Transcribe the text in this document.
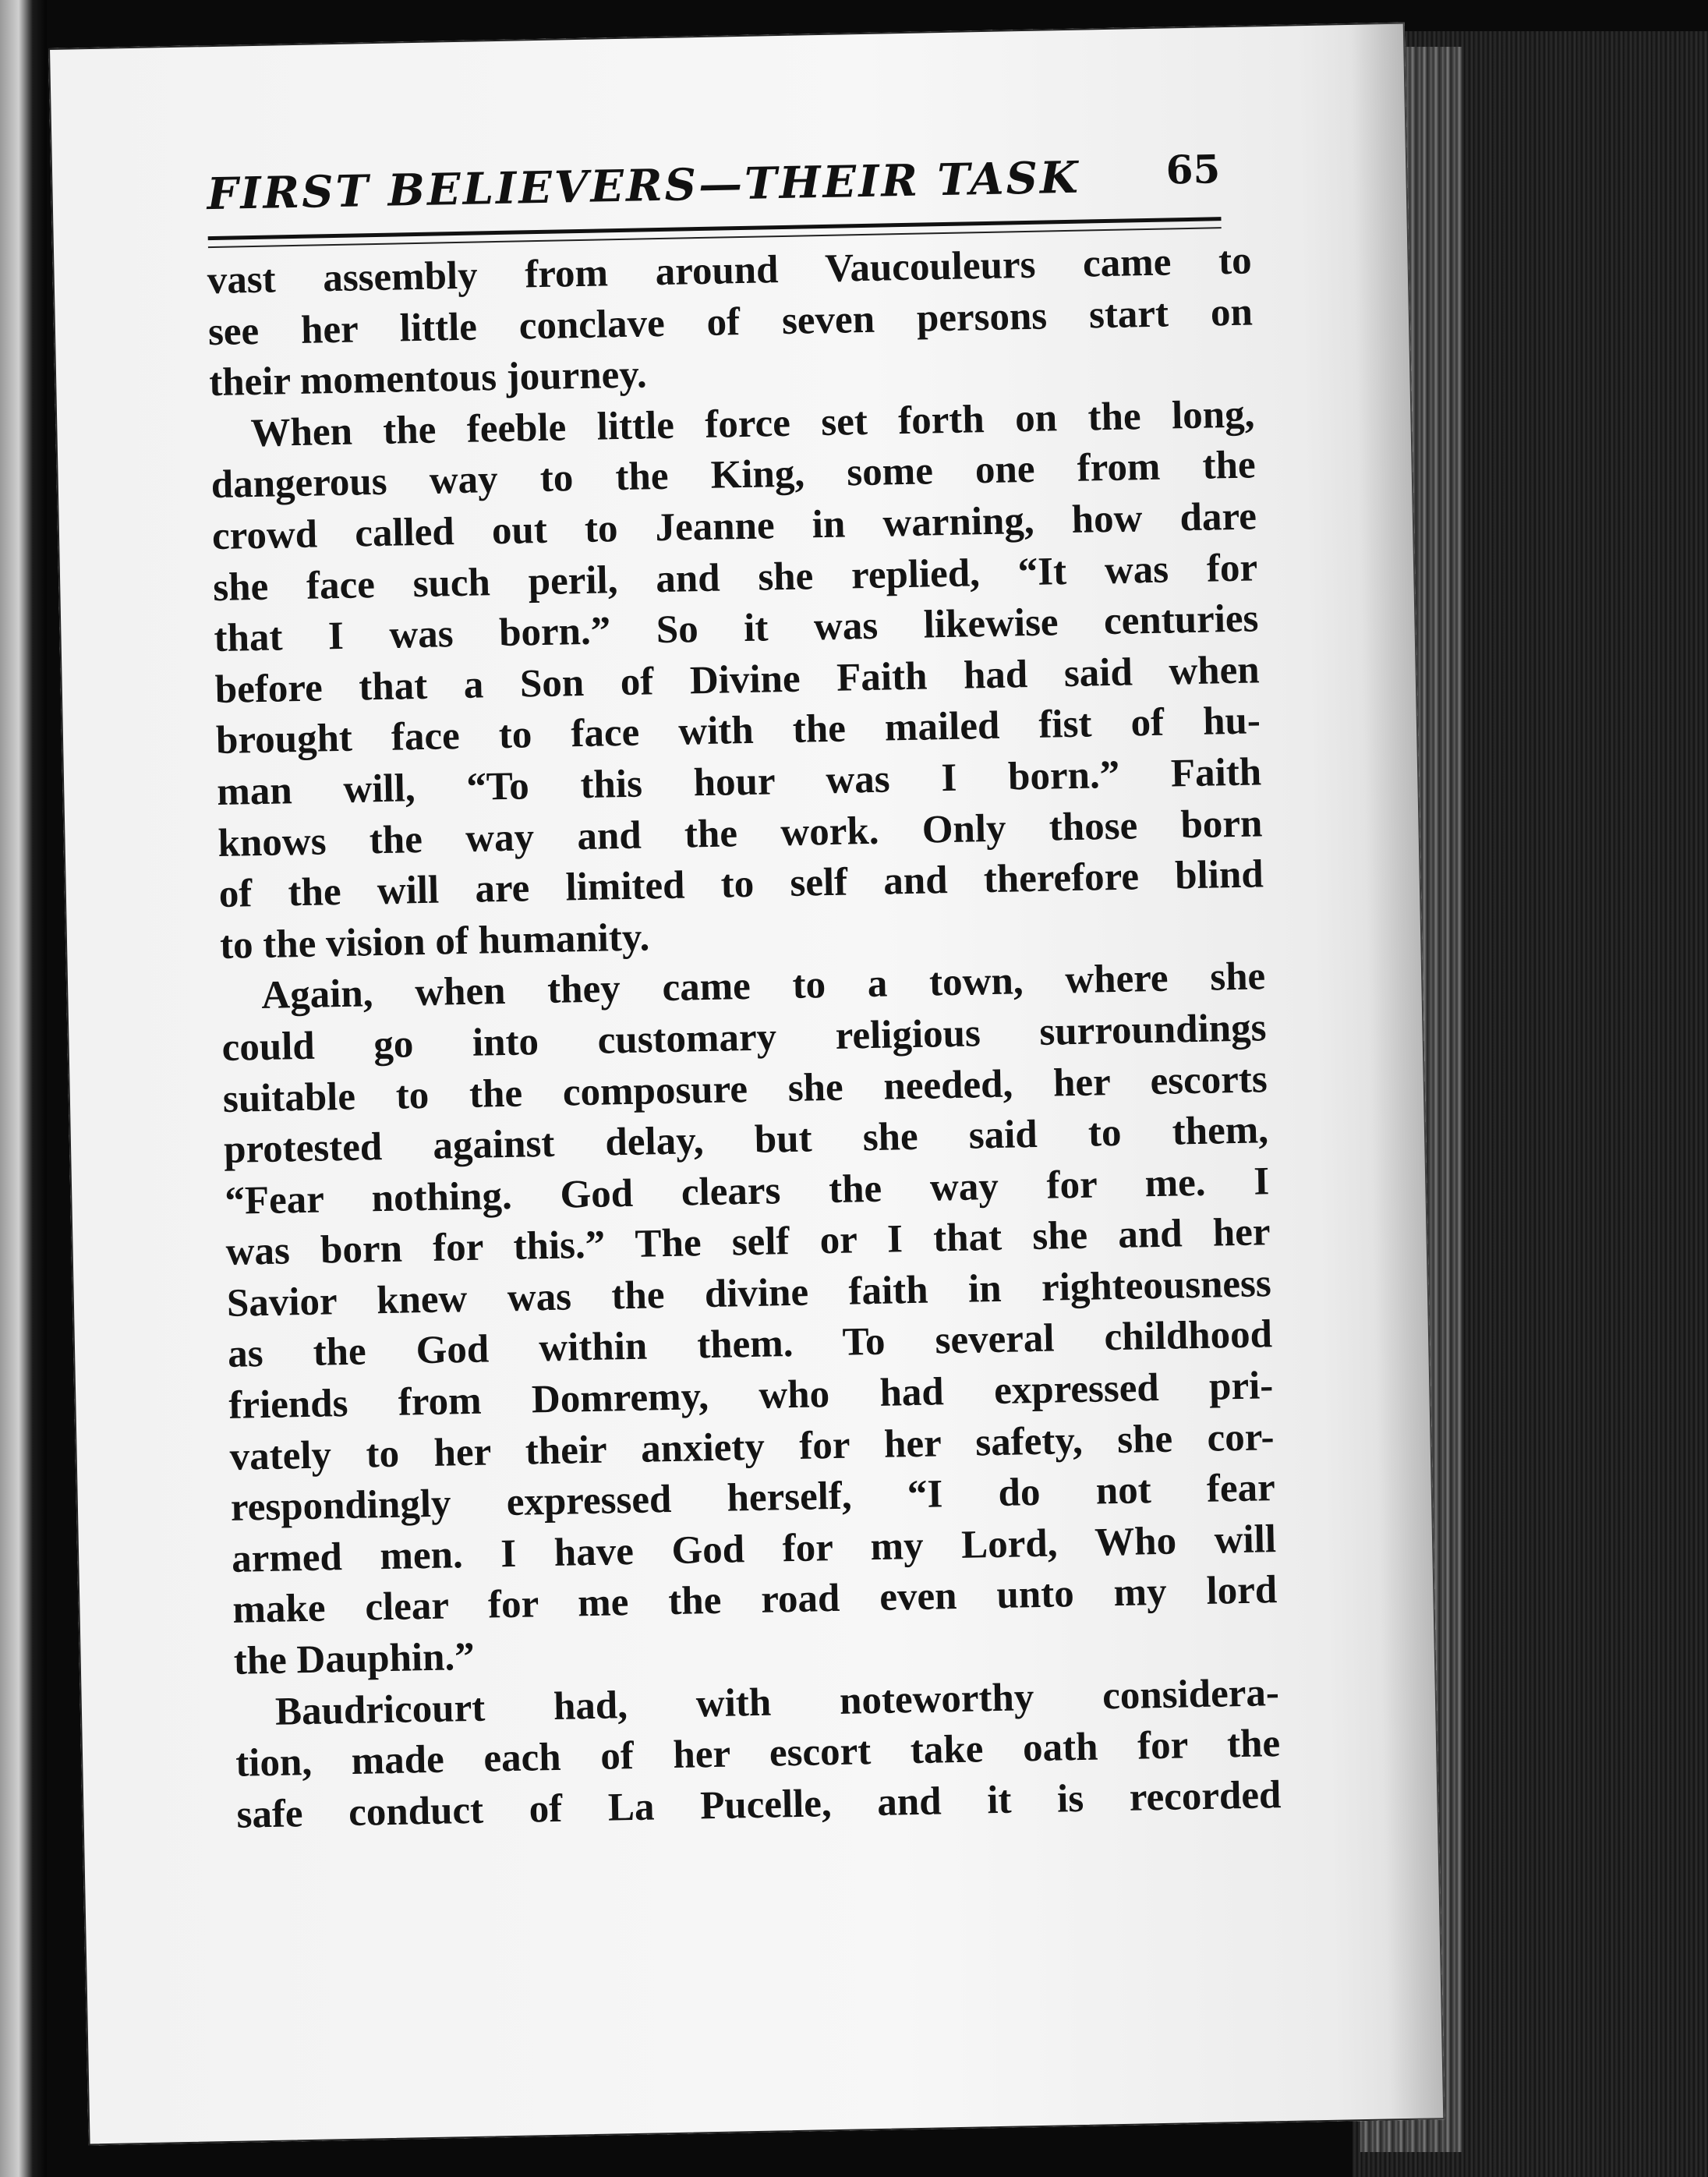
FIRST BELIEVERS—THEIR TASK 65
vast assembly from around Vaucouleurs came to
see her little conclave of seven persons start on
their momentous journey.
When the feeble little force set forth on the long,
dangerous way to the King, some one from the
crowd called out to Jeanne in warning, how dare
she face such peril, and she replied, “It was for
that I was born.” So it was likewise centuries
before that a Son of Divine Faith had said when
brought face to face with the mailed fist of hu-
man will, “To this hour was I born.” Faith
knows the way and the work. Only those born
of the will are limited to self and therefore blind
to the vision of humanity.
Again, when they came to a town, where she
could go into customary religious surroundings
suitable to the composure she needed, her escorts
protested against delay, but she said to them,
“Fear nothing. God clears the way for me. I
was born for this.” The self or I that she and her
Savior knew was the divine faith in righteousness
as the God within them. To several childhood
friends from Domremy, who had expressed pri-
vately to her their anxiety for her safety, she cor-
respondingly expressed herself, “I do not fear
armed men. I have God for my Lord, Who will
make clear for me the road even unto my lord
the Dauphin.”
Baudricourt had, with noteworthy considera-
tion, made each of her escort take oath for the
safe conduct of La Pucelle, and it is recorded
